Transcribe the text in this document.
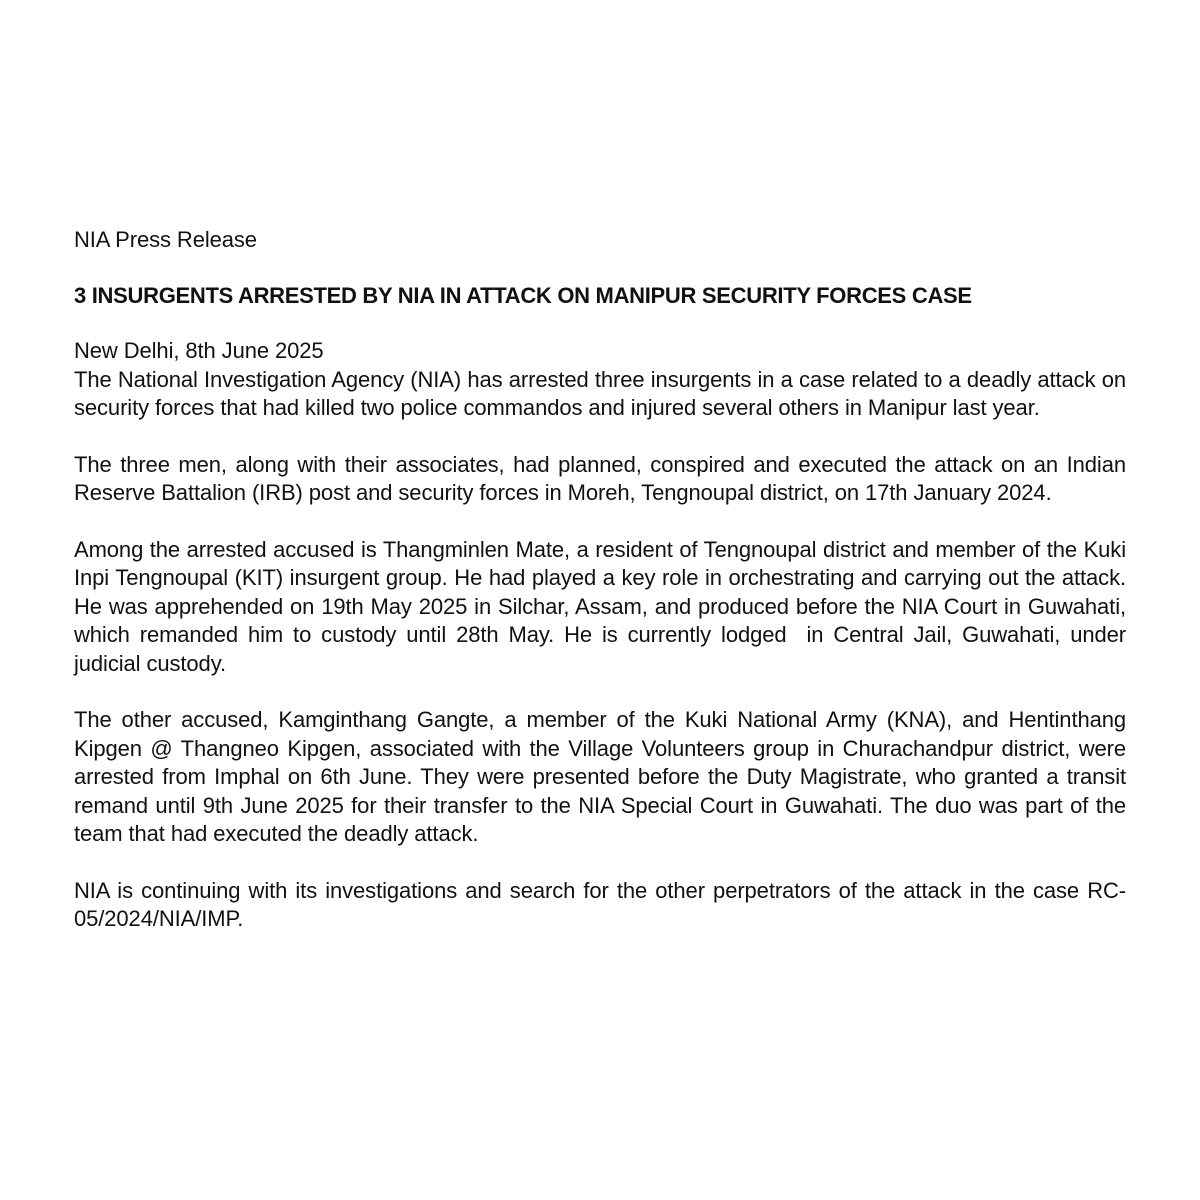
NIA Press Release

3 INSURGENTS ARRESTED BY NIA IN ATTACK ON MANIPUR SECURITY FORCES CASE

New Delhi, 8th June 2025

The National Investigation Agency (NIA) has arrested three insurgents in a case related to a deadly attack on security forces that had killed two police commandos and injured several others in Manipur last year.

The three men, along with their associates, had planned, conspired and executed the attack on an Indian Reserve Battalion (IRB) post and security forces in Moreh, Tengnoupal district, on 17th January 2024.

Among the arrested accused is Thangminlen Mate, a resident of Tengnoupal district and member of the Kuki Inpi Tengnoupal (KIT) insurgent group. He had played a key role in orchestrating and carrying out the attack. He was apprehended on 19th May 2025 in Silchar, Assam, and produced before the NIA Court in Guwahati, which remanded him to custody until 28th May. He is currently lodged  in Central Jail, Guwahati, under judicial custody.

The other accused, Kamginthang Gangte, a member of the Kuki National Army (KNA), and Hentinthang Kipgen @ Thangneo Kipgen, associated with the Village Volunteers group in Churachandpur district, were arrested from Imphal on 6th June. They were presented before the Duty Magistrate, who granted a transit remand until 9th June 2025 for their transfer to the NIA Special Court in Guwahati. The duo was part of the team that had executed the deadly attack.

NIA is continuing with its investigations and search for the other perpetrators of the attack in the case RC-05/2024/NIA/IMP.
